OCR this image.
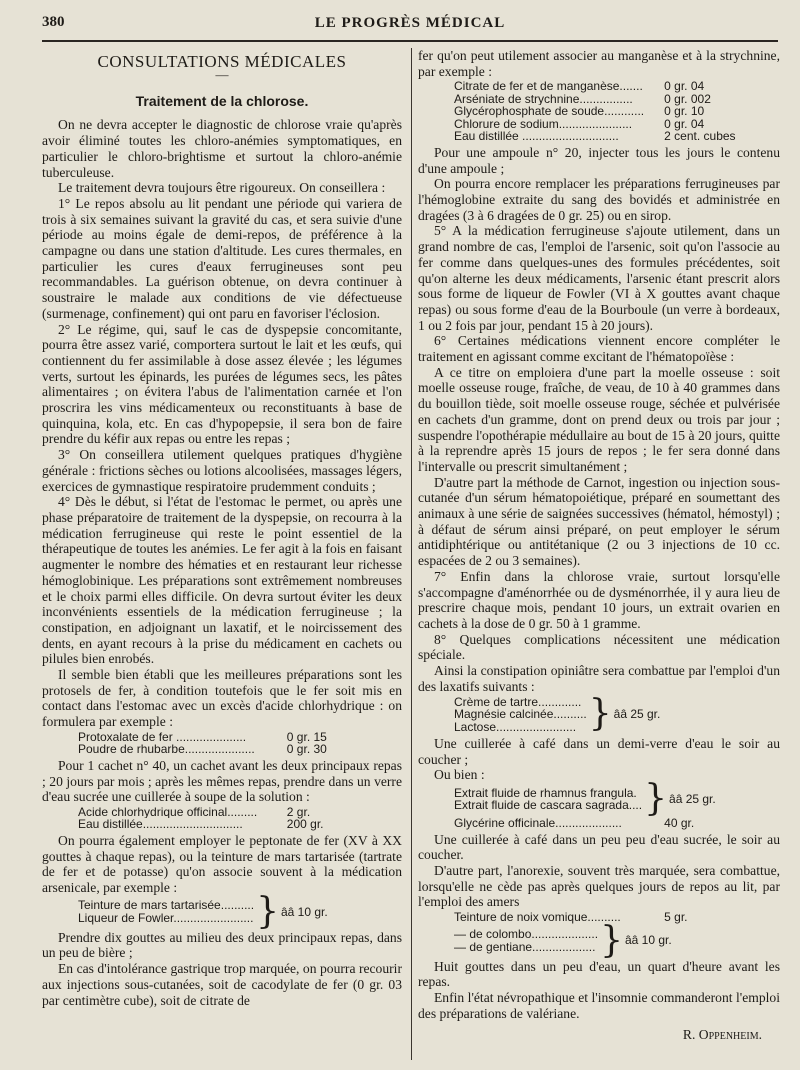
380	LE PROGRÈS MÉDICAL
CONSULTATIONS MÉDICALES
—
Traitement de la chlorose.

On ne devra accepter le diagnostic de chlorose vraie qu'après avoir éliminé toutes les chloro-anémies symptomatiques, en particulier le chloro-brightisme et surtout la chloro-anémie tuberculeuse.

Le traitement devra toujours être rigoureux. On conseillera :

1° Le repos absolu au lit pendant une période qui variera de trois à six semaines suivant la gravité du cas, et sera suivie d'une période au moins égale de demi-repos, de préférence à la campagne ou dans une station d'altitude. Les cures thermales, en particulier les cures d'eaux ferrugineuses sont peu recommandables. La guérison obtenue, on devra continuer à soustraire le malade aux conditions de vie défectueuse (surmenage, confinement) qui ont paru en favoriser l'éclosion.

2° Le régime, qui, sauf le cas de dyspepsie concomitante, pourra être assez varié, comportera surtout le lait et les œufs, qui contiennent du fer assimilable à dose assez élevée ; les légumes verts, surtout les épinards, les purées de légumes secs, les pâtes alimentaires ; on évitera l'abus de l'alimentation carnée et l'on proscrira les vins médicamenteux ou reconstituants à base de quinquina, kola, etc. En cas d'hypopepsie, il sera bon de faire prendre du kéfir aux repas ou entre les repas ;

3° On conseillera utilement quelques pratiques d'hygiène générale : frictions sèches ou lotions alcoolisées, massages légers, exercices de gymnastique respiratoire prudemment conduits ;

4° Dès le début, si l'état de l'estomac le permet, ou après une phase préparatoire de traitement de la dyspepsie, on recourra à la médication ferrugineuse qui reste le point essentiel de la thérapeutique de toutes les anémies. Le fer agit à la fois en faisant augmenter le nombre des hématies et en restaurant leur richesse hémoglobinique. Les préparations sont extrêmement nombreuses et le choix parmi elles difficile. On devra surtout éviter les deux inconvénients essentiels de la médication ferrugineuse ; la constipation, en adjoignant un laxatif, et le noircissement des dents, en ayant recours à la prise du médicament en cachets ou pilules bien enrobés.

Il semble bien établi que les meilleures préparations sont les protosels de fer, à condition toutefois que le fer soit mis en contact dans l'estomac avec un excès d'acide chlorhydrique : on formulera par exemple :

Protoxalate de fer .....................	0 gr. 15
Poudre de rhubarbe.....................	0 gr. 30

Pour 1 cachet n° 40, un cachet avant les deux principaux repas ; 20 jours par mois ; après les mêmes repas, prendre dans un verre d'eau sucrée une cuillerée à soupe de la solution :

Acide chlorhydrique officinal.........	2 gr.
Eau distillée..............................	200 gr.

On pourra également employer le peptonate de fer (XV à XX gouttes à chaque repas), ou la teinture de mars tartarisée (tartrate de fer et de potasse) qu'on associe souvent à la médication arsenicale, par exemple :

Teinture de mars tartarisée..........
Liqueur de Fowler........................ } ââ 10 gr.

Prendre dix gouttes au milieu des deux principaux repas, dans un peu de bière ;

En cas d'intolérance gastrique trop marquée, on pourra recourir aux injections sous-cutanées, soit de cacodylate de fer (0 gr. 03 par centimètre cube), soit de citrate de

fer qu'on peut utilement associer au manganèse et à la strychnine, par exemple :

Citrate de fer et de manganèse.......	0 gr. 04
Arséniate de strychnine................	0 gr. 002
Glycérophosphate de soude............	0 gr. 10
Chlorure de sodium......................	0 gr. 04
Eau distillée .............................	2 cent. cubes

Pour une ampoule n° 20, injecter tous les jours le contenu d'une ampoule ;

On pourra encore remplacer les préparations ferrugineuses par l'hémoglobine extraite du sang des bovidés et administrée en dragées (3 à 6 dragées de 0 gr. 25) ou en sirop.

5° A la médication ferrugineuse s'ajoute utilement, dans un grand nombre de cas, l'emploi de l'arsenic, soit qu'on l'associe au fer comme dans quelques-unes des formules précédentes, soit qu'on alterne les deux médicaments, l'arsenic étant prescrit alors sous forme de liqueur de Fowler (VI à X gouttes avant chaque repas) ou sous forme d'eau de la Bourboule (un verre à bordeaux, 1 ou 2 fois par jour, pendant 15 à 20 jours).

6° Certaines médications viennent encore compléter le traitement en agissant comme excitant de l'hématopoïèse :

A ce titre on emploiera d'une part la moelle osseuse : soit moelle osseuse rouge, fraîche, de veau, de 10 à 40 grammes dans du bouillon tiède, soit moelle osseuse rouge, séchée et pulvérisée en cachets d'un gramme, dont on prend deux ou trois par jour ; suspendre l'opothérapie médullaire au bout de 15 à 20 jours, quitte à la reprendre après 15 jours de repos ; le fer sera donné dans l'intervalle ou prescrit simultanément ;

D'autre part la méthode de Carnot, ingestion ou injection sous-cutanée d'un sérum hématopoiétique, préparé en soumettant des animaux à une série de saignées successives (hématol, hémostyl) ; à défaut de sérum ainsi préparé, on peut employer le sérum antidiphtérique ou antitétanique (2 ou 3 injections de 10 cc. espacées de 2 ou 3 semaines).

7° Enfin dans la chlorose vraie, surtout lorsqu'elle s'accompagne d'aménorrhée ou de dysménorrhée, il y aura lieu de prescrire chaque mois, pendant 10 jours, un extrait ovarien en cachets à la dose de 0 gr. 50 à 1 gramme.

8° Quelques complications nécessitent une médication spéciale.

Ainsi la constipation opiniâtre sera combattue par l'emploi d'un des laxatifs suivants :

Crème de tartre.............
Magnésie calcinée..........
Lactose........................ } ââ 25 gr.

Une cuillerée à café dans un demi-verre d'eau le soir au coucher ;

Ou bien :

Extrait fluide de rhamnus frangula.
Extrait fluide de cascara sagrada.... } ââ 25 gr.
Glycérine officinale....................	40 gr.

Une cuillerée à café dans un peu peu d'eau sucrée, le soir au coucher.

D'autre part, l'anorexie, souvent très marquée, sera combattue, lorsqu'elle ne cède pas après quelques jours de repos au lit, par l'emploi des amers

Teinture de noix vomique..........	5 gr.
— de colombo....................
— de gentiane................... } ââ 10 gr.

Huit gouttes dans un peu d'eau, un quart d'heure avant les repas.

Enfin l'état névropathique et l'insomnie commanderont l'emploi des préparations de valériane.

R. Oppenheim.
